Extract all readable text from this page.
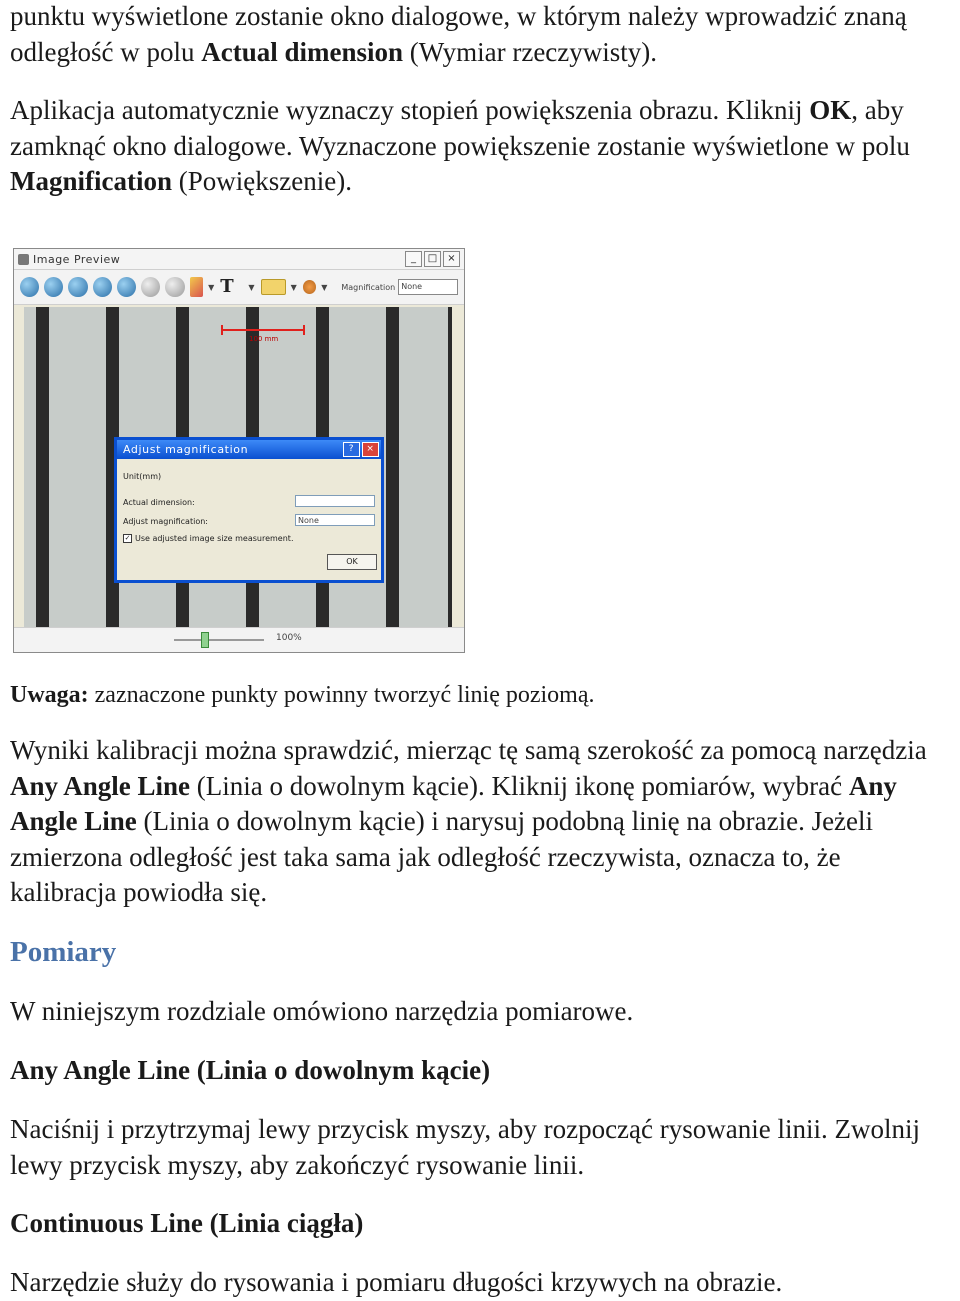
punktu wyświetlone zostanie okno dialogowe, w którym należy wprowadzić znaną odległość w polu Actual dimension (Wymiar rzeczywisty).

Aplikacja automatycznie wyznaczy stopień powiększenia obrazu. Kliknij OK, aby zamknąć okno dialogowe. Wyznaczone powiększenie zostanie wyświetlone w polu Magnification (Powiększenie).

Image Preview	_	□	×
▼ T	▼	▼	▼ Magnification None
100 mm
Adjust magnification	?	×
Unit(mm)
Actual dimension:
Adjust magnification:	None
✓ Use adjusted image size measurement.
OK
100%

Uwaga: zaznaczone punkty powinny tworzyć linię poziomą.

Wyniki kalibracji można sprawdzić, mierząc tę samą szerokość za pomocą narzędzia Any Angle Line (Linia o dowolnym kącie). Kliknij ikonę pomiarów, wybrać Any Angle Line (Linia o dowolnym kącie) i narysuj podobną linię na obrazie. Jeżeli zmierzona odległość jest taka sama jak odległość rzeczywista, oznacza to, że kalibracja powiodła się.

Pomiary

W niniejszym rozdziale omówiono narzędzia pomiarowe.

Any Angle Line (Linia o dowolnym kącie)

Naciśnij i przytrzymaj lewy przycisk myszy, aby rozpocząć rysowanie linii. Zwolnij lewy przycisk myszy, aby zakończyć rysowanie linii.

Continuous Line (Linia ciągła)

Narzędzie służy do rysowania i pomiaru długości krzywych na obrazie.
